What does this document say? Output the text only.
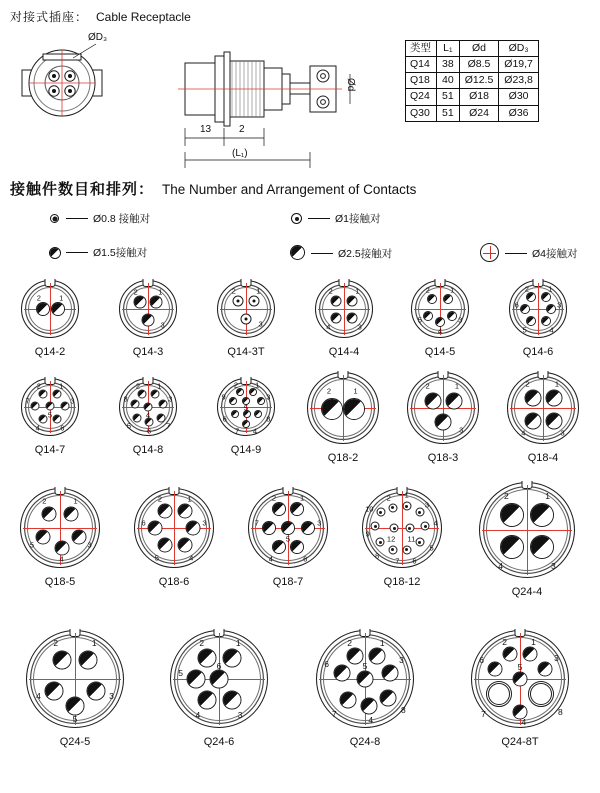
对接式插座： Cable Receptacle
ØD₃
Ød
13	2
(L₁)
类型	L₁	Ød	ØD₃
Q14	38	Ø8.5	Ø19,7
Q18	40	Ø12.5	Ø23,8
Q24	51	Ø18	Ø30
Q30	51	Ø24	Ø36
接触件数目和排列： The Number and Arrangement of Contacts
Ø0.8 接触对	Ø1接触对
Ø1.5接触对	Ø2.5接触对	Ø4接触对
2 1
Q14-2
2	1
3
Q14-3
2	1
3
Q14-3T
2	1
4	3
Q14-4
2	1
5
4
3
Q14-5
2	1
6
5	4
3
Q14-6
2 1
7	3
6
5
4
Q14-7
2 1
8	3
7
6
5
4
Q14-8
2 1
9	3
8
4
7
6
5
Q14-9
2	1
Q18-2
2	1
3
Q18-3
2	1
4	3
Q18-4
2	1
5
4
3
Q18-5
2	1
6
5	4
3
Q18-6
2	1
7	3
6
5
4
Q18-7
2 1
3
4
5
6
7
8
9
10
11
12
Q18-12
2	1
4	3
Q24-4
2	1
4
5
3
Q24-5
2	1
5
6
4	3
Q24-6
2	1
3
8
4
7
6	5
Q24-8
2	1
3
8
4
7
6
5
Q24-8T
